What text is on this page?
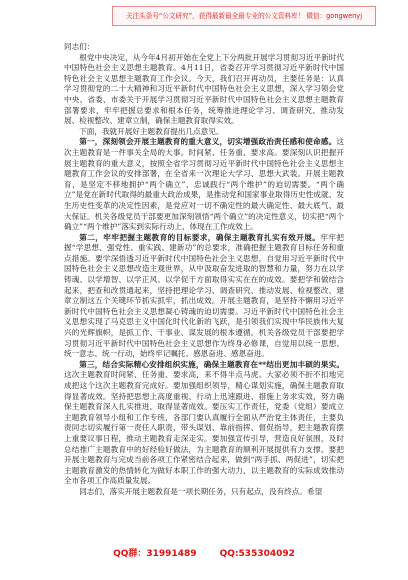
关注头条号“公文研究”，获得最新最全最专业的公文资料库！ 微信：gongwenyj

同志们：

根党中央决定，从今年4月初开始在全党上下分两批开展学习贯彻习近平新时代中国特色社会主义思想主题教育。4月11日，省委召开学习贯彻习近平新时代中国特色社会主义思想主题教育工作会议。今天，我们召开再动员，主要任务是：认真学习贯彻党的二十大精神和习近平新时代中国特色社会主义思想，深入学习领会党中央、省委、市委关于开展学习贯彻习近平新时代中国特色社会主义思想主题教育部署要求，牢牢把握总要求和根本任务，统筹推进理论学习、调查研究、推动发展、检视整改、建章立制，确保主题教育取得实效。

下面，我就开展好主题教育提出几点意见。

第一，深刻领会开展主题教育的重大意义，切实增强政治责任感和使命感。这次主题教育是一件事关全局的大事。时间紧、任务重、要求高。要深刻认识把握开展主题教育的重大意义，按照全省学习贯彻习近平新时代中国特色社会主义思想主题教育工作会议的安排部署，在全省来一次理论大学习、思想大武装。开展主题教育，是坚定不移地拥护“两个确立”、忠诚践行“两个维护”的迫切需要。“两个确立”是党在新时代取得的最重大政治成果，是推动党和国家事业取得历史性成就、发生历史性变革的决定性因素，是党应对一切不确定性的最大确定性、最大底气、最大保证。机关各级党员干部要更加深刻领悟“两个确立”的决定性意义，切实把“两个确立”“两个维护”落实到实际行动上、体现在工作成效上。

第二，牢牢把握主题教育的目标要求，确保主题教育扎实有效开展。牢牢把握“学思想、强党性、重实践、建新功”的总要求，准确把握主题教育目标任务和重点措施。要学深悟透习近平新时代中国特色社会主义思想，自觉用习近平新时代中国特色社会主义思想改造主观世界，从中汲取奋发进取的智慧和力量，努力在以学铸魂、以学增智、以学正风、以学促干方面取得实实在在的成效。要把学和做结合起来，把查和改贯通起来，坚持把理论学习、调查研究、推动发展、检视整改、建章立制这五个关键环节抓实抓牢，抓出成效。开展主题教育，是坚持不懈用习近平新时代中国特色社会主义思想凝心铸魂的迫切需要。习近平新时代中国特色社会主义思想实现了马克思主义中国化时代化新的飞跃，是引领我们实现中华民族伟大复兴的光辉旗帜，是抓工作、干事业、谋发展的根本遵循。机关各级党员干部要把学习贯彻习近平新时代中国特色社会主义思想作为终身必修课，自觉用以统一思想、统一意志、统一行动，始终牢记嘱托、感恩奋进、感恩奋进。

第三，结合实际精心安排组织实施，确保主题教育在**结出更加丰硕的果实。这次主题教育时间紧、任务重、要求高，来不得半点马虎。大家必须不折不扣地完成把这个这次主题教育完成好。要加强组织领导，精心谋划实施，确保主题教育取得显著成效。坚持把思想上高度重视、行动上迅速跟进、措施上务求实效，努力确保主题教育深入扎实推进，取得显著成效。要压实工作责任，党委（党组）要成立主题教育领导小组和工作专班，各部门要认真履行全面从严治党主体责任，主要负责同志切实履行第一责任人职责，带头谋划、靠前指挥、督促指导，把主题教育摆上重要议事日程，推动主题教育走深走实。要加强宣传引导，营造良好氛围，及时总结推广主题教育中的好经验好做法，为主题教育的顺利开展提供有力支撑。要把开展主题教育与完成当前各项工作紧密结合起来，做到“两手抓、两促进”，切实把主题教育激发的热情转化为做好本职工作的强大动力，以主题教育的实际成效推动全市各项工作高质量发展。

同志们，落实开展主题教育是一项长期任务，只有起点，没有终点。希望

QQ群：31991489	QQ:535304092
